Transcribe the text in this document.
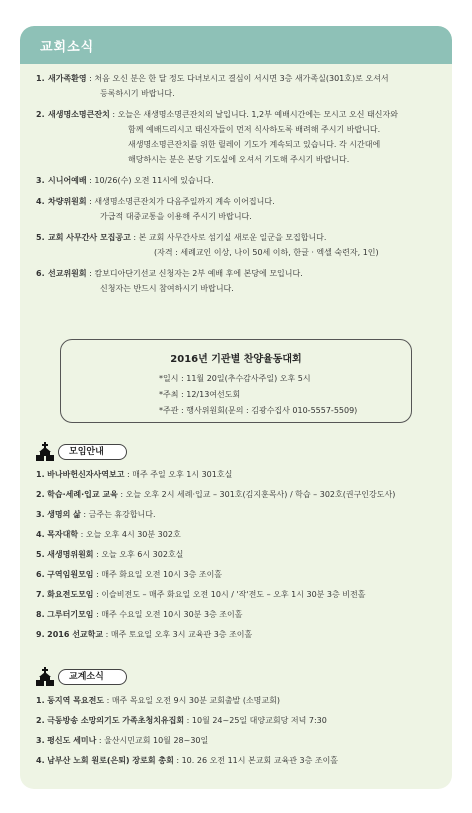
교회소식
1. 새가족환영 : 처음 오신 분은 한 달 정도 다녀보시고 결심이 서시면 3층 새가족실(301호)로 오셔서
등록하시기 바랍니다.
2. 새생명소명큰잔치 : 오늘은 새생명소명큰잔치의 날입니다. 1,2부 예배시간에는 모시고 오신 태신자와
함께 예배드리시고 태신자들이 먼저 식사하도록 배려해 주시기 바랍니다.
새생명소명큰잔치를 위한 릴레이 기도가 계속되고 있습니다. 각 시간대에
해당하시는 분은 본당 기도실에 오셔서 기도해 주시기 바랍니다.
3. 시니어예배 : 10/26(수) 오전 11시에 있습니다.
4. 차량위원회 : 새생명소명큰잔치가 다음주일까지 계속 이어집니다.
가급적 대중교통을 이용해 주시기 바랍니다.
5. 교회 사무간사 모집공고 : 본 교회 사무간사로 섬기실 새로운 일군을 모집합니다.
(자격 : 세례교인 이상, 나이 50세 이하, 한글 · 엑셀 숙련자, 1인)
6. 선교위원회 : 캄보디아단기선교 신청자는 2부 예배 후에 본당에 모입니다.
신청자는 반드시 참여하시기 바랍니다.
2016년 기관별 찬양율동대회
*일시 : 11월 20일(추수감사주일) 오후 5시
*주최 : 12/13여선도회
*주관 : 행사위원회(문의 : 김광수집사 010-5557-5509)
모임안내
1. 바나바헌신자사역보고 : 매주 주일 오후 1시 301호실
2. 학습·세례·입교 교육 : 오늘 오후 2시 세례·입교 – 301호(김지훈목사) / 학습 – 302호(권구인강도사)
3. 생명의 삶 : 금주는 휴강합니다.
4. 목자대학 : 오늘 오후 4시 30분 302호
5. 새생명위원회 : 오늘 오후 6시 302호실
6. 구역임원모임 : 매주 화요일 오전 10시 3층 조이홀
7. 화요전도모임 : 이슬비전도 – 매주 화요일 오전 10시 / '작'전도 – 오후 1시 30분 3층 비전홀
8. 그루터기모임 : 매주 수요일 오전 10시 30분 3층 조이홀
9. 2016 선교학교 : 매주 토요일 오후 3시 교육관 3층 조이홀
교계소식
1. 동지역 목요전도 : 매주 목요일 오전 9시 30분 교회출발 (소명교회)
2. 극동방송 소망의기도 가족초청치유집회 : 10월 24~25일 대양교회당 저녁 7:30
3. 평신도 세미나 : 울산시민교회 10월 28~30일
4. 남부산 노회 원로(은퇴) 장로회 총회 : 10. 26 오전 11시 본교회 교육관 3층 조이홀
